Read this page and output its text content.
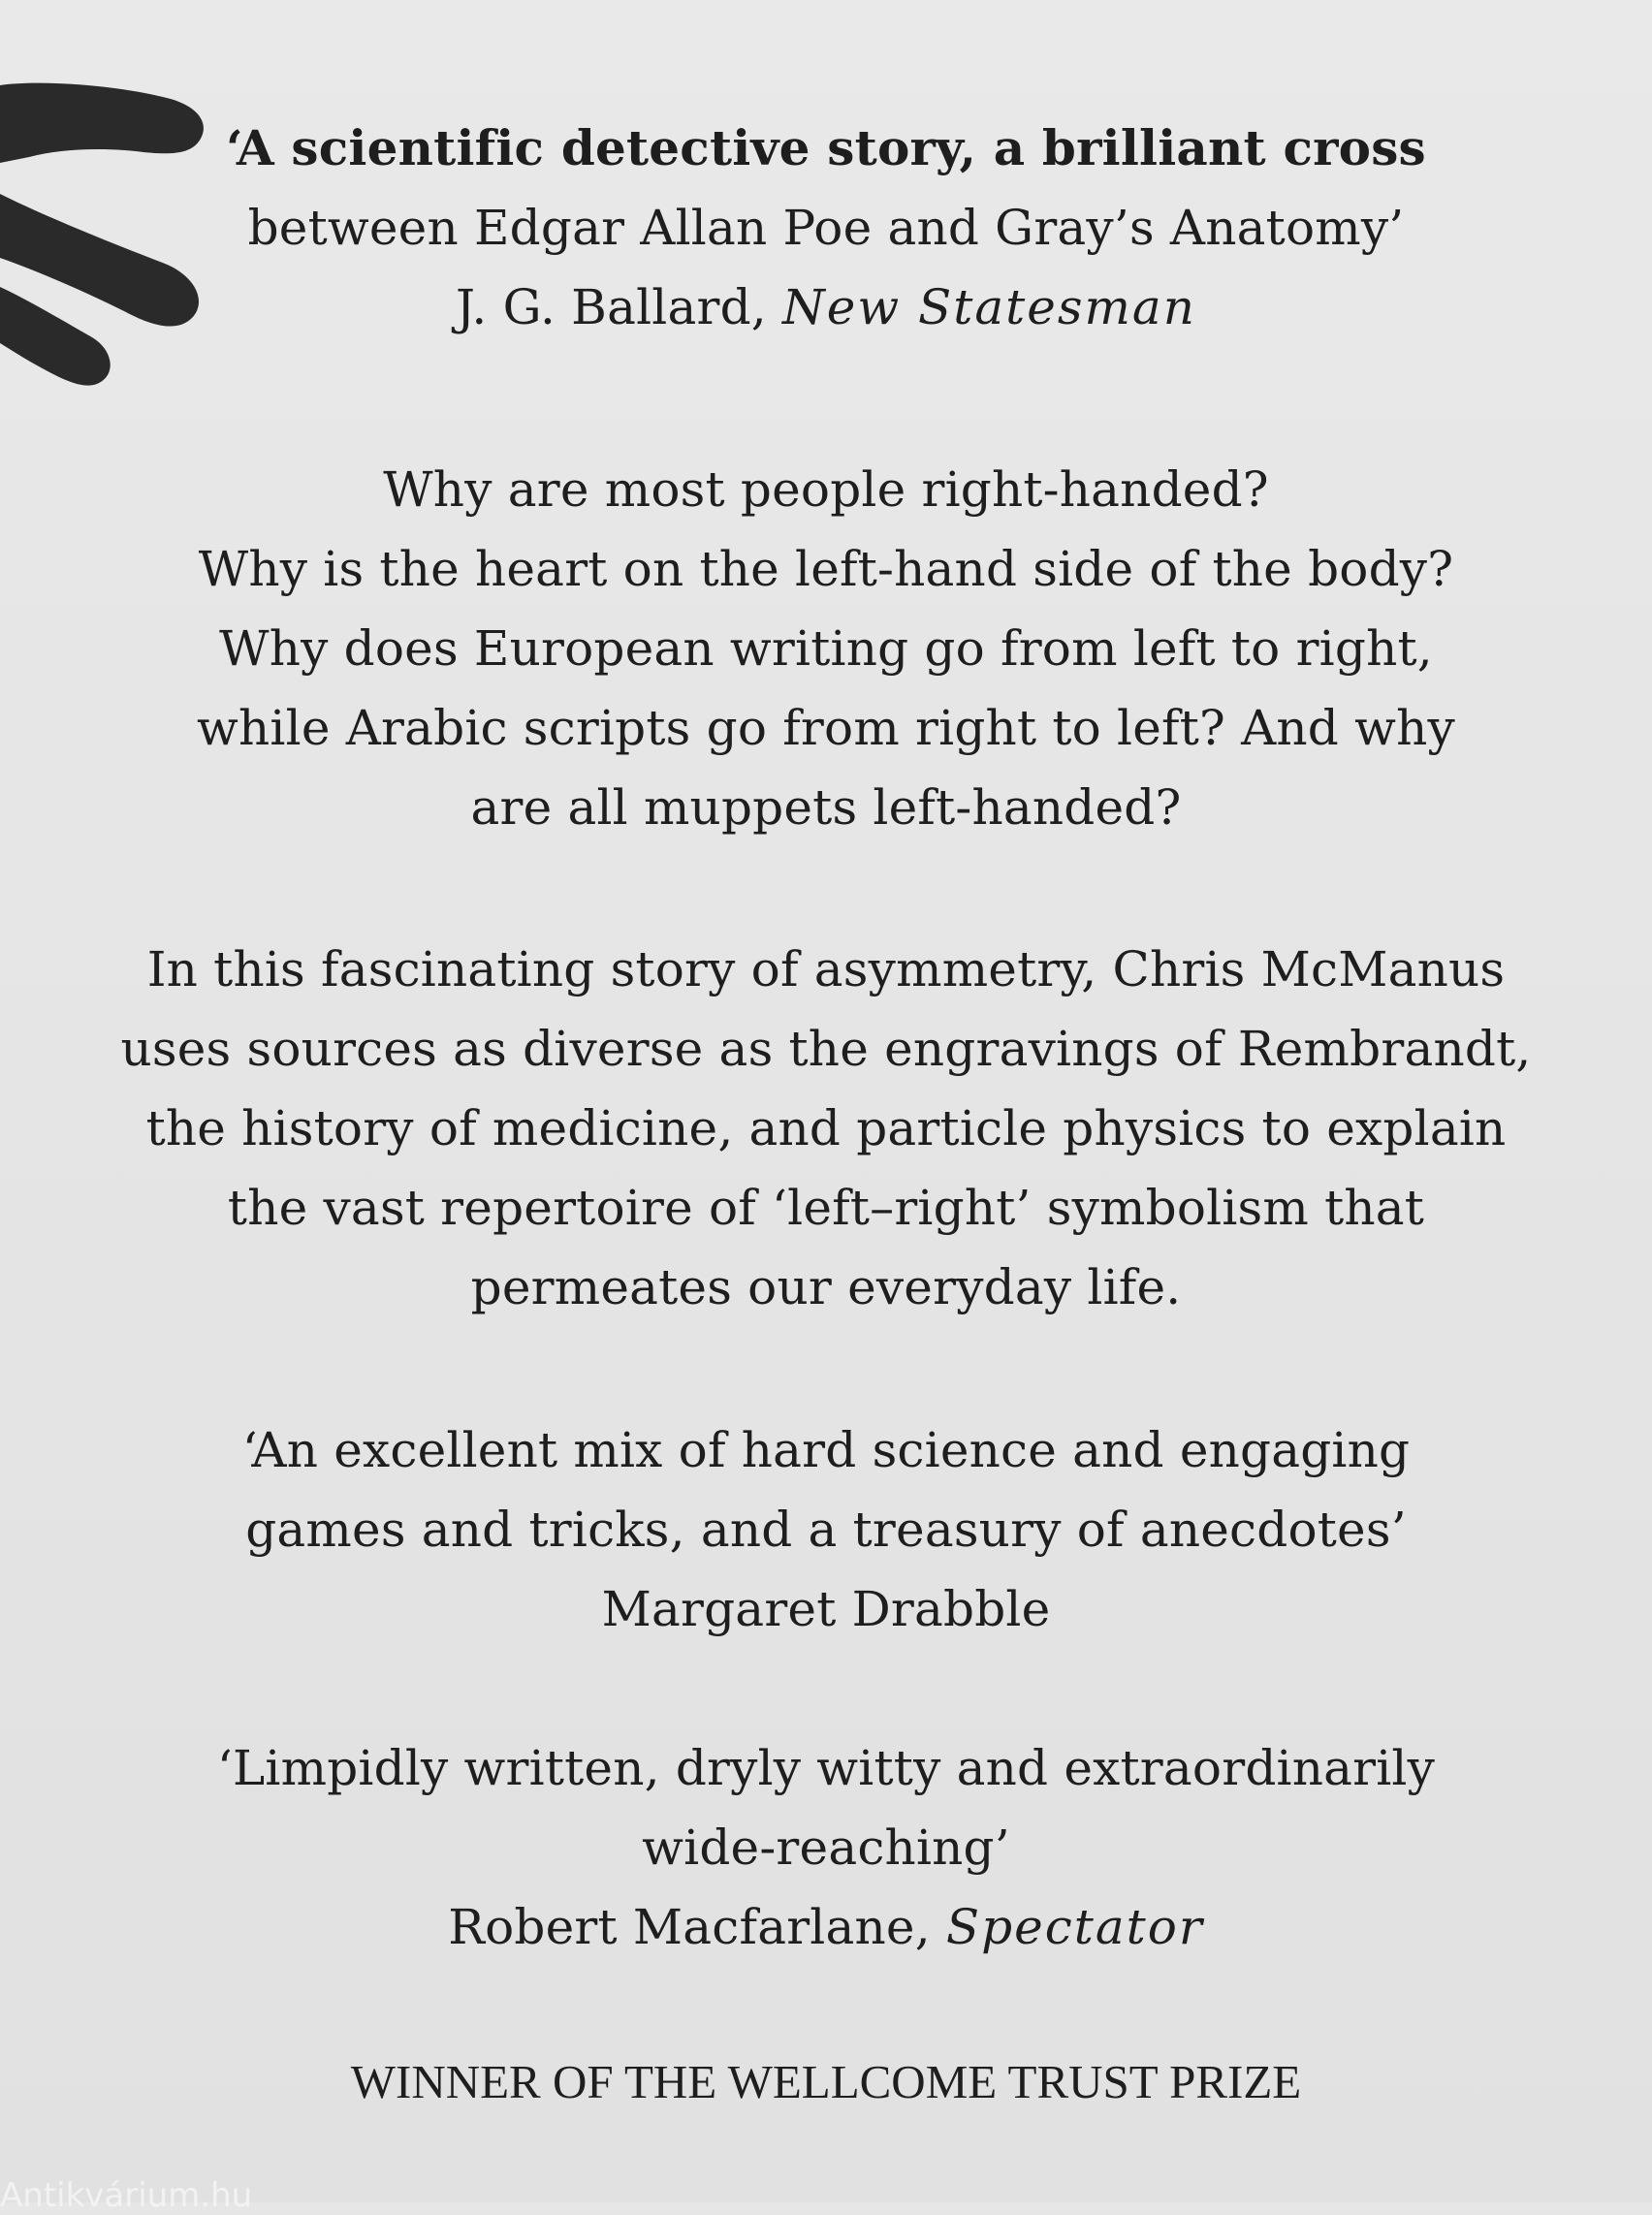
‘A scientific detective story, a brilliant cross
between Edgar Allan Poe and Gray’s Anatomy’
J. G. Ballard, New Statesman
Why are most people right-handed?
Why is the heart on the left-hand side of the body?
Why does European writing go from left to right,
while Arabic scripts go from right to left? And why
are all muppets left-handed?
In this fascinating story of asymmetry, Chris McManus
uses sources as diverse as the engravings of Rembrandt,
the history of medicine, and particle physics to explain
the vast repertoire of ‘left–right’ symbolism that
permeates our everyday life.
‘An excellent mix of hard science and engaging
games and tricks, and a treasury of anecdotes’
Margaret Drabble
‘Limpidly written, dryly witty and extraordinarily
wide-reaching’
Robert Macfarlane, Spectator
WINNER OF THE WELLCOME TRUST PRIZE
Antikvárium.hu
